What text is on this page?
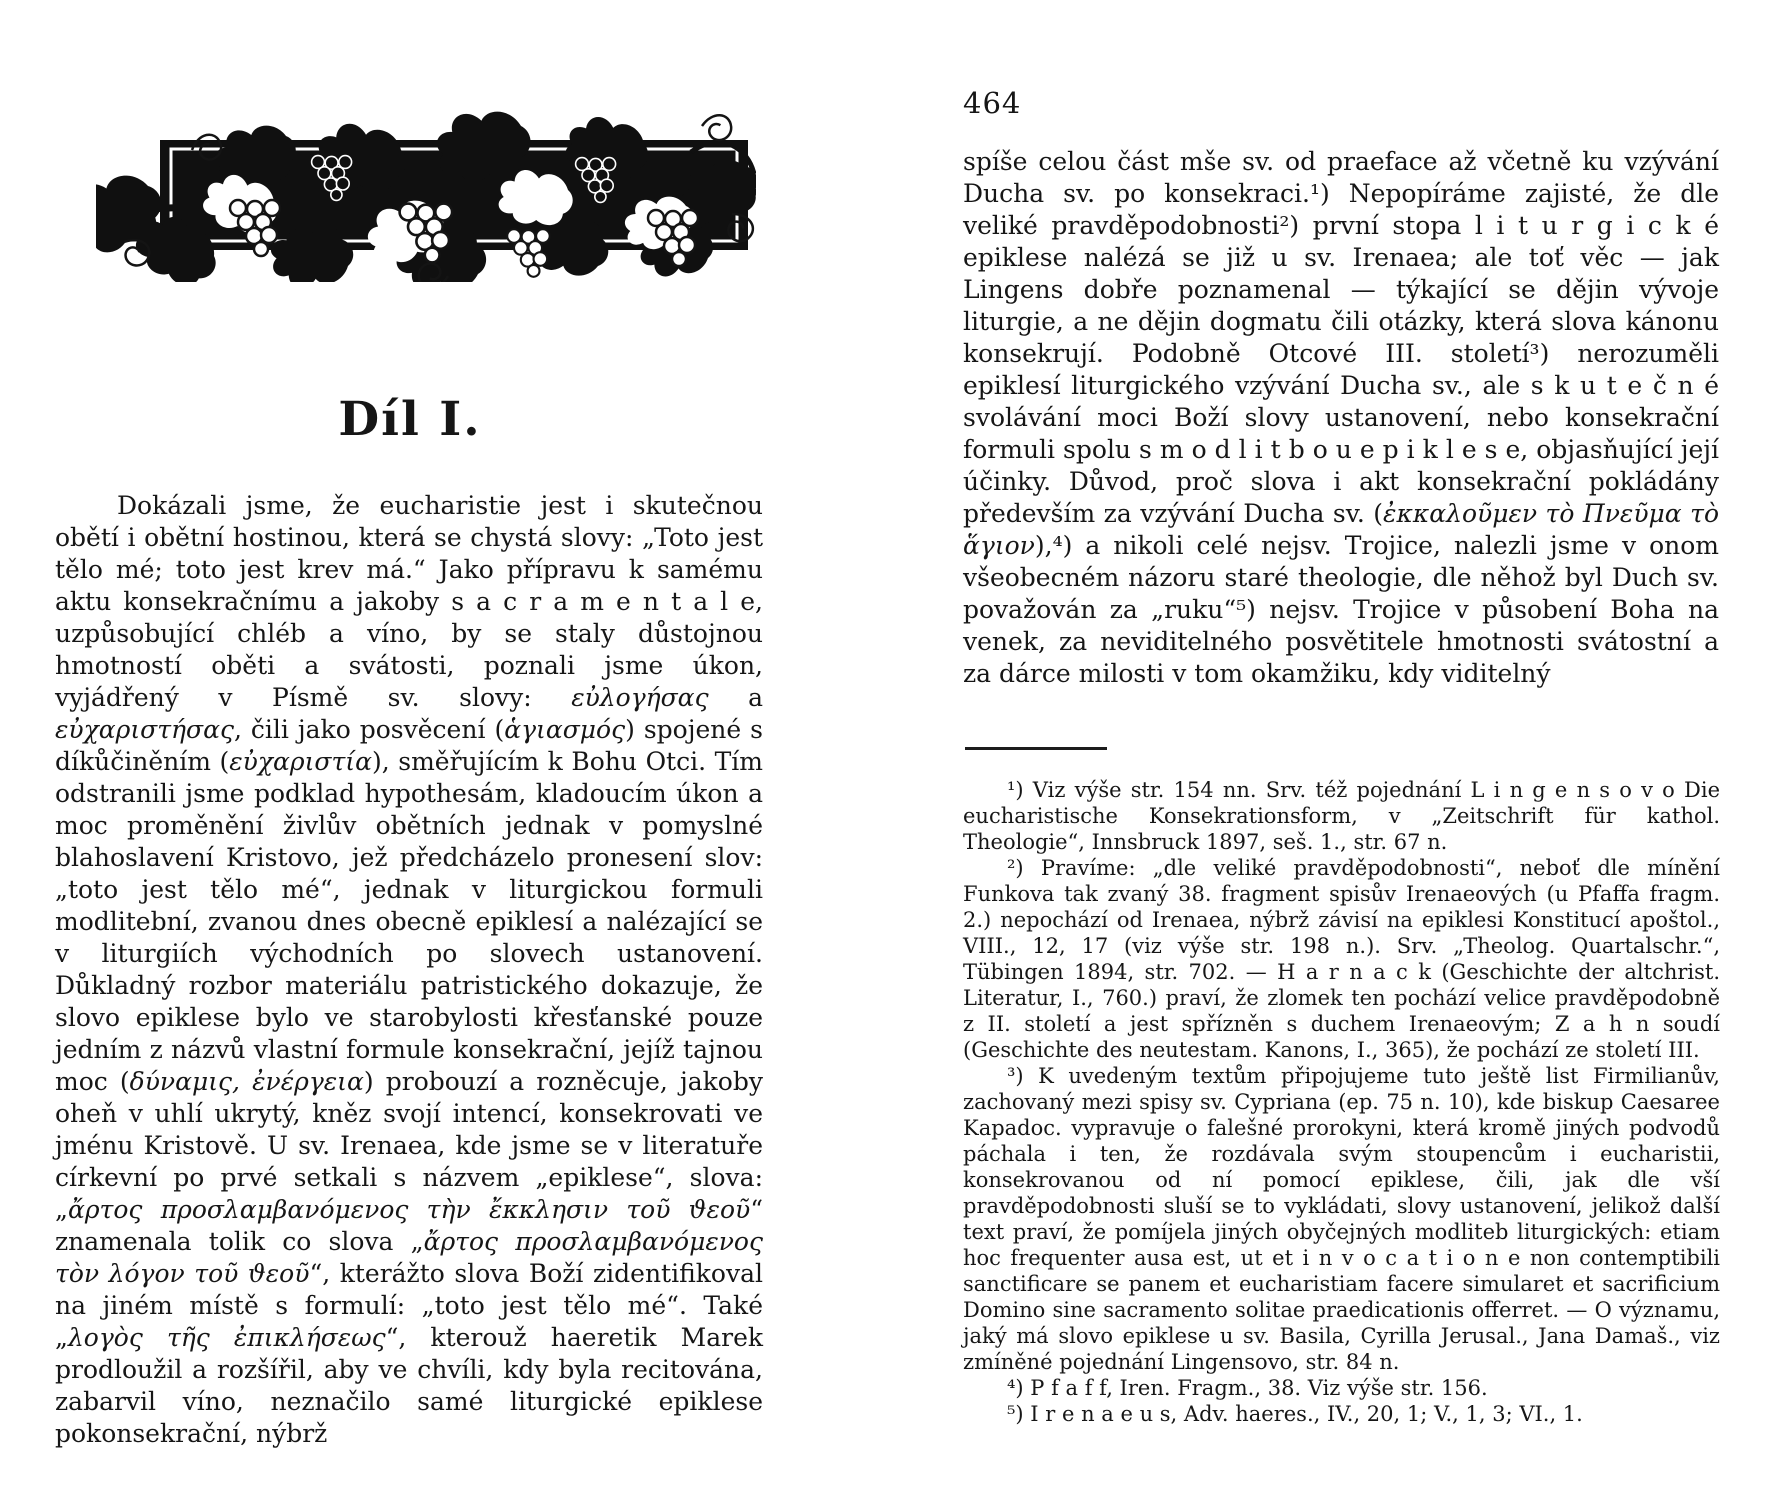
Díl I.

Dokázali jsme, že eucharistie jest i skutečnou obětí i obětní hostinou, která se chystá slovy: „Toto jest tělo mé; toto jest krev má.“ Jako přípravu k samému aktu konsekračnímu a jakoby s a c r a m e n t a l e, uzpůsobující chléb a víno, by se staly důstojnou hmotností oběti a svátosti, poznali jsme úkon, vyjádřený v Písmě sv. slovy: εὐλογήσας a εὐχαριστήσας, čili jako posvěcení (ἁγιασμός) spojené s díkůčiněním (εὐχαριστία), směřujícím k Bohu Otci. Tím odstranili jsme podklad hypothesám, kladoucím úkon a moc proměnění živlův obětních jednak v pomyslné blahoslavení Kristovo, jež předcházelo pronesení slov: „toto jest tělo mé“, jednak v liturgickou formuli modlitební, zvanou dnes obecně epiklesí a nalézající se v liturgiích východních po slovech ustanovení. Důkladný rozbor materiálu patristického dokazuje, že slovo epiklese bylo ve starobylosti křesťanské pouze jedním z názvů vlastní formule konsekrační, jejíž tajnou moc (δύναμις, ἐνέργεια) probouzí a rozněcuje, jakoby oheň v uhlí ukrytý, kněz svojí intencí, konsekrovati ve jménu Kristově. U sv. Irenaea, kde jsme se v literatuře církevní po prvé setkali s názvem „epiklese“, slova: „ἄρτος προσλαμβανόμενος τὴν ἔκκλησιν τοῦ ϑεοῦ“ znamenala tolik co slova „ἄρτος προσλαμβανόμενος τὸν λόγον τοῦ ϑεοῦ“, kterážto slova Boží zidentifikoval na jiném místě s formulí: „toto jest tělo mé“. Také „λογὸς τῆς ἐπικλήσεως“, kterouž haeretik Marek prodloužil a rozšířil, aby ve chvíli, kdy byla recitována, zabarvil víno, neznačilo samé liturgické epiklese pokonsekrační, nýbrž

464

spíše celou část mše sv. od praeface až včetně ku vzývání Ducha sv. po konsekraci.¹) Nepopíráme zajisté, že dle veliké pravděpodobnosti²) první stopa l i t u r g i c k é epiklese nalézá se již u sv. Irenaea; ale toť věc — jak Lingens dobře poznamenal — týkající se dějin vývoje liturgie, a ne dějin dogmatu čili otázky, která slova kánonu konsekrují. Podobně Otcové III. století³) nerozuměli epiklesí liturgického vzývání Ducha sv., ale s k u t e č n é svolávání moci Boží slovy ustanovení, nebo konsekrační formuli spolu s m o d l i t b o u e p i k l e s e, objasňující její účinky. Důvod, proč slova i akt konsekrační pokládány především za vzývání Ducha sv. (ἐκκαλοῦμεν τὸ Πνεῦμα τὸ ἅγιον),⁴) a nikoli celé nejsv. Trojice, nalezli jsme v onom všeobecném názoru staré theologie, dle něhož byl Duch sv. považován za „ruku“⁵) nejsv. Trojice v působení Boha na venek, za neviditelného posvětitele hmotnosti svátostní a za dárce milosti v tom okamžiku, kdy viditelný

¹) Viz výše str. 154 nn. Srv. též pojednání L i n g e n s o v o Die eucharistische Konsekrationsform, v „Zeitschrift für kathol. Theologie“, Innsbruck 1897, seš. 1., str. 67 n.

²) Pravíme: „dle veliké pravděpodobnosti“, neboť dle mínění Funkova tak zvaný 38. fragment spisův Irenaeových (u Pfaffa fragm. 2.) nepochází od Irenaea, nýbrž závisí na epiklesi Konstitucí apoštol., VIII., 12, 17 (viz výše str. 198 n.). Srv. „Theolog. Quartalschr.“, Tübingen 1894, str. 702. — H a r n a c k (Geschichte der altchrist. Literatur, I., 760.) praví, že zlomek ten pochází velice pravděpodobně z II. století a jest spřízněn s duchem Irenaeovým; Z a h n soudí (Geschichte des neutestam. Kanons, I., 365), že pochází ze století III.

³) K uvedeným textům připojujeme tuto ještě list Firmilianův, zachovaný mezi spisy sv. Cypriana (ep. 75 n. 10), kde biskup Caesaree Kapadoc. vypravuje o falešné prorokyni, která kromě jiných podvodů páchala i ten, že rozdávala svým stoupencům i eucharistii, konsekrovanou od ní pomocí epiklese, čili, jak dle vší pravděpodobnosti sluší se to vykládati, slovy ustanovení, jelikož další text praví, že pomíjela jiných obyčejných modliteb liturgických: etiam hoc frequenter ausa est, ut et i n v o c a t i o n e non contemptibili sanctificare se panem et eucharistiam facere simularet et sacrificium Domino sine sacramento solitae praedicationis offerret. — O významu, jaký má slovo epiklese u sv. Basila, Cyrilla Jerusal., Jana Damaš., viz zmíněné pojednání Lingensovo, str. 84 n.

⁴) P f a f f, Iren. Fragm., 38. Viz výše str. 156.

⁵) I r e n a e u s, Adv. haeres., IV., 20, 1; V., 1, 3; VI., 1.
